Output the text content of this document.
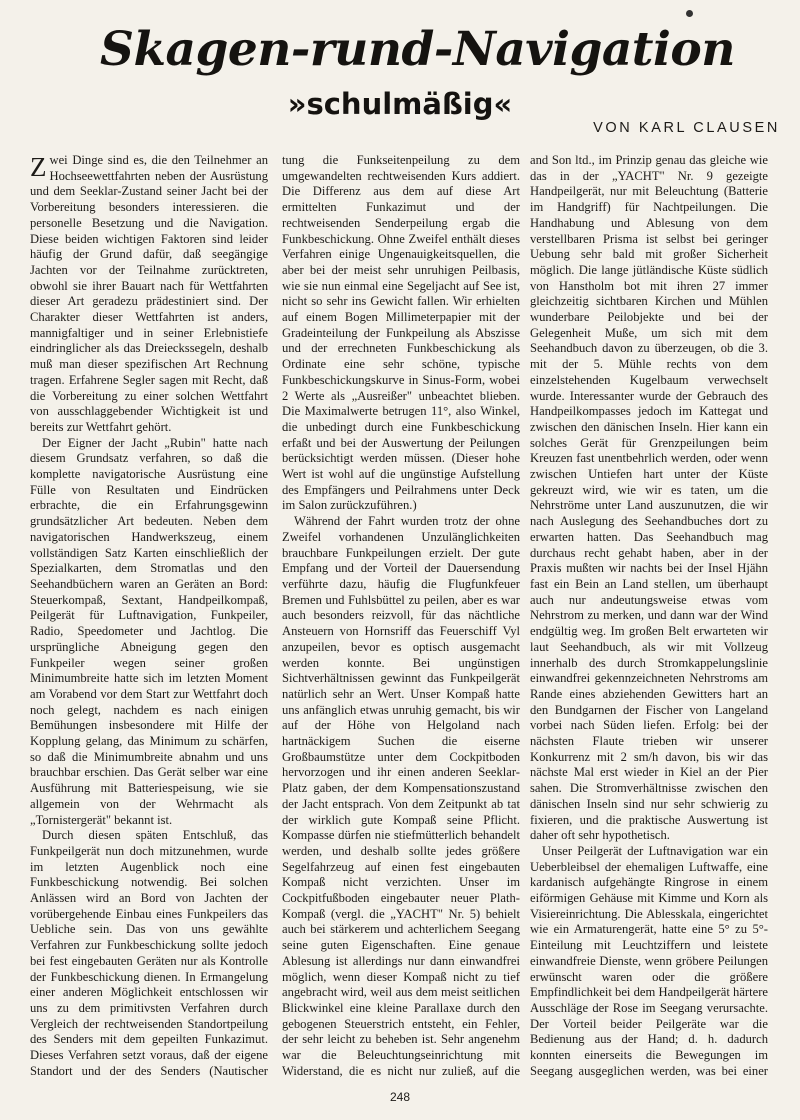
Skagen-rund-Navigation
»schulmäßig«
VON KARL CLAUSEN

Zwei Dinge sind es, die den Teilnehmer an Hochseewettfahrten neben der Ausrüstung und dem Seeklar-Zustand seiner Jacht bei der Vorbereitung besonders interessieren. die personelle Besetzung und die Navigation. Diese beiden wichtigen Faktoren sind leider häufig der Grund dafür, daß seegängige Jachten vor der Teilnahme zurücktreten, obwohl sie ihrer Bauart nach für Wettfahrten dieser Art geradezu prädestiniert sind. Der Charakter dieser Wettfahrten ist anders, mannigfaltiger und in seiner Erlebnistiefe eindringlicher als das Dreieckssegeln, deshalb muß man dieser spezifischen Art Rechnung tragen. Erfahrene Segler sagen mit Recht, daß die Vorbereitung zu einer solchen Wettfahrt von ausschlaggebender Wichtigkeit ist und bereits zur Wettfahrt gehört.

Der Eigner der Jacht „Rubin" hatte nach diesem Grundsatz verfahren, so daß die komplette navigatorische Ausrüstung eine Fülle von Resultaten und Eindrücken erbrachte, die ein Erfahrungsgewinn grundsätzlicher Art bedeuten. Neben dem navigatorischen Handwerkszeug, einem vollständigen Satz Karten einschließlich der Spezialkarten, dem Stromatlas und den Seehandbüchern waren an Geräten an Bord: Steuerkompaß, Sextant, Handpeilkompaß, Peilgerät für Luftnavigation, Funkpeiler, Radio, Speedometer und Jachtlog. Die ursprüngliche Abneigung gegen den Funkpeiler wegen seiner großen Minimumbreite hatte sich im letzten Moment am Vorabend vor dem Start zur Wettfahrt doch noch gelegt, nachdem es nach einigen Bemühungen insbesondere mit Hilfe der Kopplung gelang, das Minimum zu schärfen, so daß die Minimumbreite abnahm und uns brauchbar erschien. Das Gerät selber war eine Ausführung mit Batteriespeisung, wie sie allgemein von der Wehrmacht als „Tornistergerät" bekannt ist.

Durch diesen späten Entschluß, das Funkpeilgerät nun doch mitzunehmen, wurde im letzten Augenblick noch eine Funkbeschickung notwendig. Bei solchen Anlässen wird an Bord von Jachten der vorübergehende Einbau eines Funkpeilers das Uebliche sein. Das von uns gewählte Verfahren zur Funkbeschickung sollte jedoch bei fest eingebauten Geräten nur als Kontrolle der Funkbeschickung dienen. In Ermangelung einer anderen Möglichkeit entschlossen wir uns zu dem primitivsten Verfahren durch Vergleich der rechtweisenden Standortpeilung des Senders mit dem gepeilten Funkazimut. Dieses Verfahren setzt voraus, daß der eigene Standort und der des Senders (Nautischer

tung die Funkseitenpeilung zu dem umgewandelten rechtweisenden Kurs addiert. Die Differenz aus dem auf diese Art ermittelten Funkazimut und der rechtweisenden Senderpeilung ergab die Funkbeschickung. Ohne Zweifel enthält dieses Verfahren einige Ungenauigkeitsquellen, die aber bei der meist sehr unruhigen Peilbasis, wie sie nun einmal eine Segeljacht auf See ist, nicht so sehr ins Gewicht fallen. Wir erhielten auf einem Bogen Millimeterpapier mit der Gradeinteilung der Funkpeilung als Abszisse und der errechneten Funkbeschickung als Ordinate eine sehr schöne, typische Funkbeschickungskurve in Sinus-Form, wobei 2 Werte als „Ausreißer" unbeachtet blieben. Die Maximalwerte betrugen 11°, also Winkel, die unbedingt durch eine Funkbeschickung erfaßt und bei der Auswertung der Peilungen berücksichtigt werden müssen. (Dieser hohe Wert ist wohl auf die ungünstige Aufstellung des Empfängers und Peilrahmens unter Deck im Salon zurückzuführen.)

Während der Fahrt wurden trotz der ohne Zweifel vorhandenen Unzulänglichkeiten brauchbare Funkpeilungen erzielt. Der gute Empfang und der Vorteil der Dauersendung verführte dazu, häufig die Flugfunkfeuer Bremen und Fuhlsbüttel zu peilen, aber es war auch besonders reizvoll, für das nächtliche Ansteuern von Hornsriff das Feuerschiff Vyl anzupeilen, bevor es optisch ausgemacht werden konnte. Bei ungünstigen Sichtverhältnissen gewinnt das Funkpeilgerät natürlich sehr an Wert. Unser Kompaß hatte uns anfänglich etwas unruhig gemacht, bis wir auf der Höhe von Helgoland nach hartnäckigem Suchen die eiserne Großbaumstütze unter dem Cockpitboden hervorzogen und ihr einen anderen Seeklar-Platz gaben, der dem Kompensationszustand der Jacht entsprach. Von dem Zeitpunkt ab tat der wirklich gute Kompaß seine Pflicht. Kompasse dürfen nie stiefmütterlich behandelt werden, und deshalb sollte jedes größere Segelfahrzeug auf einen fest eingebauten Kompaß nicht verzichten. Unser im Cockpitfußboden eingebauter neuer Plath-Kompaß (vergl. die „YACHT" Nr. 5) behielt auch bei stärkerem und achterlichem Seegang seine guten Eigenschaften. Eine genaue Ablesung ist allerdings nur dann einwandfrei möglich, wenn dieser Kompaß nicht zu tief angebracht wird, weil aus dem meist seitlichen Blickwinkel eine kleine Parallaxe durch den gebogenen Steuerstrich entsteht, ein Fehler, der sehr leicht zu beheben ist. Sehr angenehm war die Beleuchtungseinrichtung mit Widerstand, die es nicht nur zuließ, auf die

and Son ltd., im Prinzip genau das gleiche wie das in der „YACHT" Nr. 9 gezeigte Handpeilgerät, nur mit Beleuchtung (Batterie im Handgriff) für Nachtpeilungen. Die Handhabung und Ablesung von dem verstellbaren Prisma ist selbst bei geringer Uebung sehr bald mit großer Sicherheit möglich. Die lange jütländische Küste südlich von Hanstholm bot mit ihren 27 immer gleichzeitig sichtbaren Kirchen und Mühlen wunderbare Peilobjekte und bei der Gelegenheit Muße, um sich mit dem Seehandbuch davon zu überzeugen, ob die 3. mit der 5. Mühle rechts von dem einzelstehenden Kugelbaum verwechselt wurde. Interessanter wurde der Gebrauch des Handpeilkompasses jedoch im Kattegat und zwischen den dänischen Inseln. Hier kann ein solches Gerät für Grenzpeilungen beim Kreuzen fast unentbehrlich werden, oder wenn zwischen Untiefen hart unter der Küste gekreuzt wird, wie wir es taten, um die Nehrströme unter Land auszunutzen, die wir nach Auslegung des Seehandbuches dort zu erwarten hatten. Das Seehandbuch mag durchaus recht gehabt haben, aber in der Praxis mußten wir nachts bei der Insel Hjähn fast ein Bein an Land stellen, um überhaupt auch nur andeutungsweise etwas vom Nehrstrom zu merken, und dann war der Wind endgültig weg. Im großen Belt erwarteten wir laut Seehandbuch, als wir mit Vollzeug innerhalb des durch Stromkappelungslinie einwandfrei gekennzeichneten Nehrstroms am Rande eines abziehenden Gewitters hart an den Bundgarnen der Fischer von Langeland vorbei nach Süden liefen. Erfolg: bei der nächsten Flaute trieben wir unserer Konkurrenz mit 2 sm/h davon, bis wir das nächste Mal erst wieder in Kiel an der Pier sahen. Die Stromverhältnisse zwischen den dänischen Inseln sind nur sehr schwierig zu fixieren, und die praktische Auswertung ist daher oft sehr hypothetisch.

Unser Peilgerät der Luftnavigation war ein Ueberbleibsel der ehemaligen Luftwaffe, eine kardanisch aufgehängte Ringrose in einem eiförmigen Gehäuse mit Kimme und Korn als Visiereinrichtung. Die Ablesskala, eingerichtet wie ein Armaturengerät, hatte eine 5° zu 5°-Einteilung mit Leuchtziffern und leistete einwandfreie Dienste, wenn gröbere Peilungen erwünscht waren oder die größere Empfindlichkeit bei dem Handpeilgerät härtere Ausschläge der Rose im Seegang verursachte. Der Vorteil beider Peilgeräte war die Bedienung aus der Hand; d. h. dadurch konnten einerseits die Bewegungen im Seegang ausgeglichen werden, was bei einer

248
